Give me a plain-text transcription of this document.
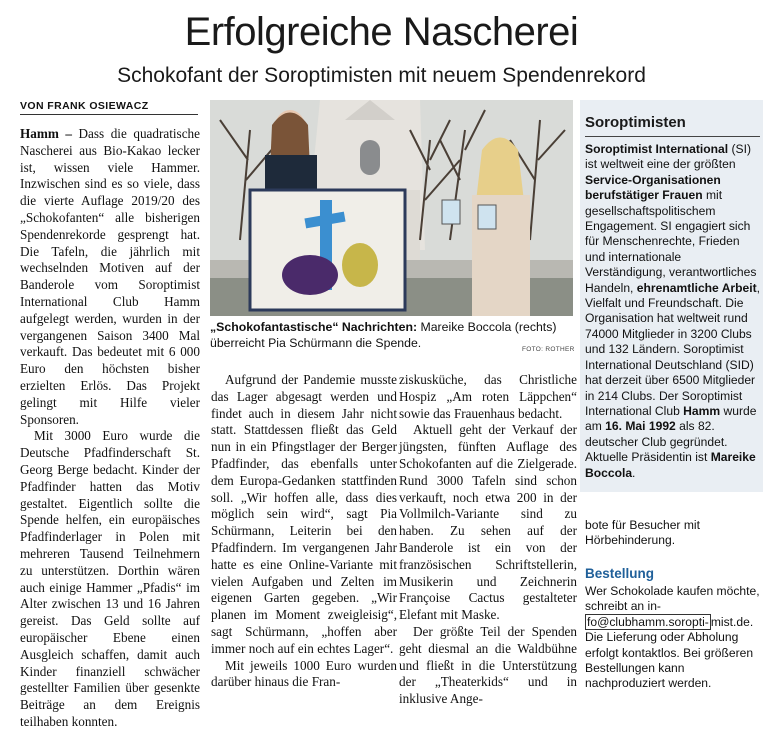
Erfolgreiche Nascherei
Schokofant der Soroptimisten mit neuem Spendenrekord
VON FRANK OSIEWACZ

Hamm – Dass die quadratische Nascherei aus Bio-Kakao lecker ist, wissen viele Hammer. Inzwischen sind es so viele, dass die vierte Auflage 2019/20 des „Schokofanten“ alle bisherigen Spendenrekorde gesprengt hat. Die Tafeln, die jährlich mit wechselnden Motiven auf der Banderole vom Soroptimist International Club Hamm aufgelegt werden, wurden in der vergangenen Saison 3400 Mal verkauft. Das bedeutet mit 6 000 Euro den höchsten bisher erzielten Erlös. Das Projekt gelingt mit Hilfe vieler Sponsoren.

Mit 3000 Euro wurde die Deutsche Pfadfinderschaft St. Georg Berge bedacht. Kinder der Pfadfinder hatten das Motiv gestaltet. Eigentlich sollte die Spende helfen, ein europäisches Pfadfinderlager in Polen mit mehreren Tausend Teilnehmern zu unterstützen. Dorthin wären auch einige Hammer „Pfadis“ im Alter zwischen 13 und 16 Jahren gereist. Das Geld sollte auf europäischer Ebene einen Ausgleich schaffen, damit auch Kinder finanziell schwächer gestellter Familien über gesenkte Beiträge an dem Ereignis teilhaben konnten.

„Schokofantastische“ Nachrichten: Mareike Boccola (rechts) überreicht Pia Schürmann die Spende.	FOTO: ROTHER

Aufgrund der Pandemie musste das Lager abgesagt werden und findet auch in diesem Jahr nicht statt. Stattdessen fließt das Geld nun in ein Pfingstlager der Berger Pfadfinder, das ebenfalls unter dem Europa-Gedanken stattfinden soll. „Wir hoffen alle, dass dies möglich sein wird“, sagt Pia Schürmann, Leiterin bei den Pfadfindern. Im vergangenen Jahr hatte es eine Online-Variante mit vielen Aufgaben und Zelten im eigenen Garten gegeben. „Wir planen im Moment zweigleisig“, sagt Schürmann, „hoffen aber immer noch auf ein echtes Lager“.

Mit jeweils 1000 Euro wurden darüber hinaus die Fran-

ziskusküche, das Christliche Hospiz „Am roten Läppchen“ sowie das Frauenhaus bedacht.

Aktuell geht der Verkauf der jüngsten, fünften Auflage des Schokofanten auf die Zielgerade. Rund 3000 Tafeln sind schon verkauft, noch etwa 200 in der Vollmilch-Variante sind zu haben. Zu sehen auf der Banderole ist ein von der französischen Schriftstellerin, Musikerin und Zeichnerin Françoise Cactus gestalteter Elefant mit Maske.

Der größte Teil der Spenden geht diesmal an die Waldbühne und fließt in die Unterstützung der „Theaterkids“ und in inklusive Ange-

Soroptimisten
Soroptimist International (SI) ist weltweit eine der größten Service-Organisationen berufstätiger Frauen mit gesellschaftspolitischem Engagement. SI engagiert sich für Menschenrechte, Frieden und internationale Verständigung, verantwortliches Handeln, ehrenamtliche Arbeit, Vielfalt und Freundschaft. Die Organisation hat weltweit rund 74000 Mitglieder in 3200 Clubs und 132 Ländern. Soroptimist International Deutschland (SID) hat derzeit über 6500 Mitglieder in 214 Clubs. Der Soroptimist International Club Hamm wurde am 16. Mai 1992 als 82. deutscher Club gegründet. Aktuelle Präsidentin ist Mareike Boccola.
bote für Besucher mit Hörbehinderung.
Bestellung
Wer Schokolade kaufen möchte, schreibt an in- fo@clubhamm.soropti- mist.de. Die Lieferung oder Abholung erfolgt kontaktlos. Bei größeren Bestellungen kann nachproduziert werden.
